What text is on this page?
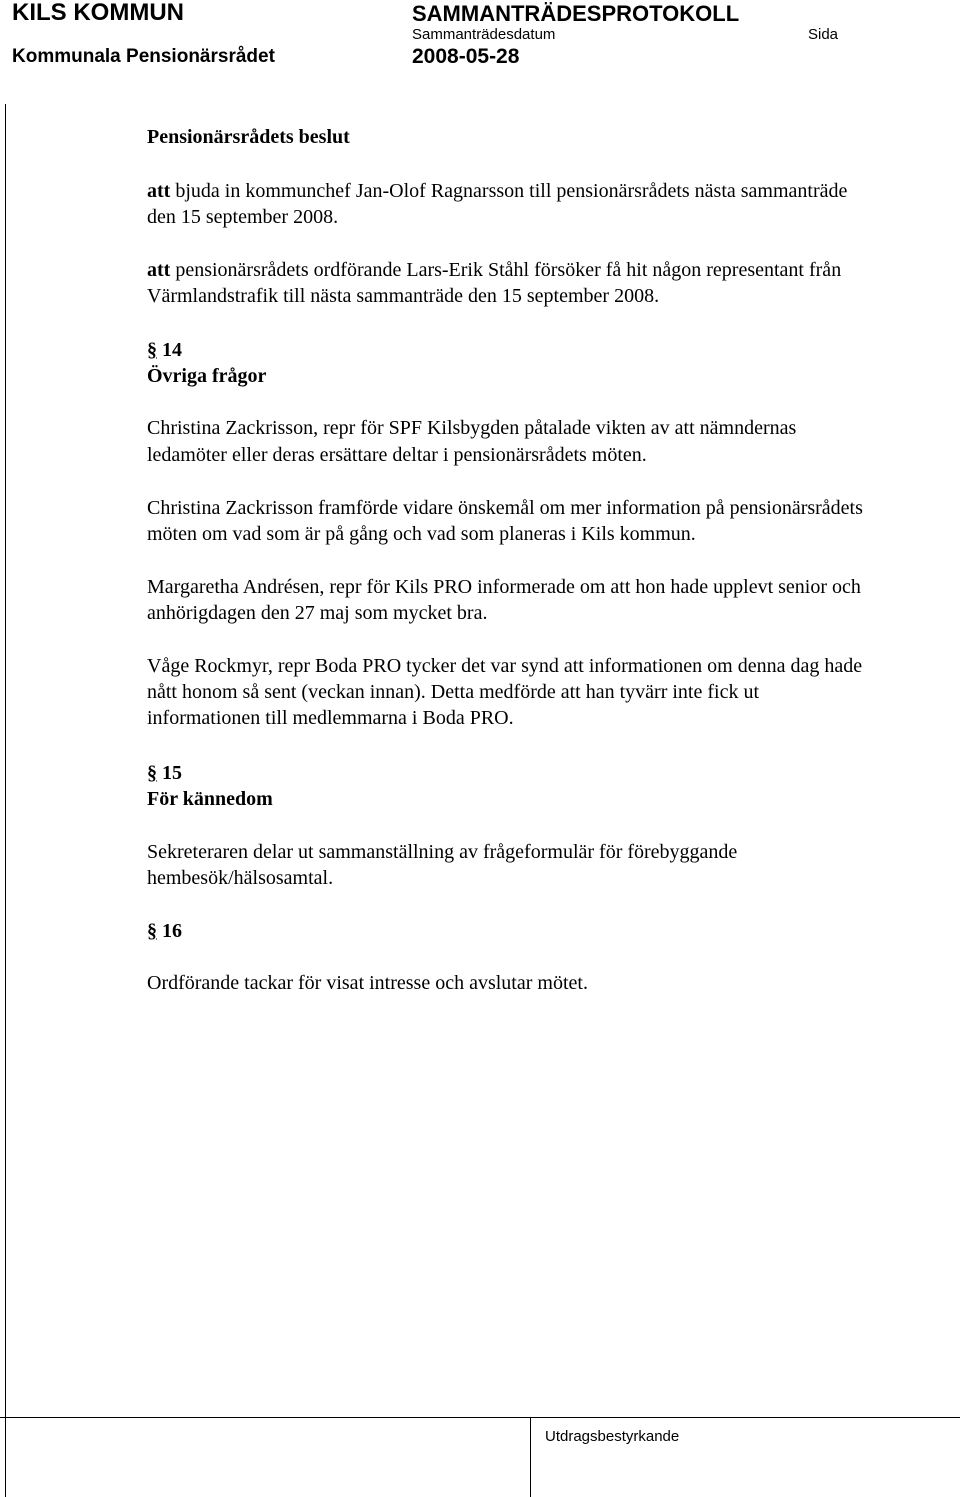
KILS KOMMUN
Kommunala Pensionärsrådet
SAMMANTRÄDESPROTOKOLL
Sammanträdesdatum	Sida
2008-05-28
Pensionärsrådets beslut
att bjuda in kommunchef Jan-Olof Ragnarsson till pensionärsrådets nästa sammanträde
den 15 september 2008.
att pensionärsrådets ordförande Lars-Erik Ståhl försöker få hit någon representant från
Värmlandstrafik till nästa sammanträde den 15 september 2008.
§ 14
Övriga frågor
Christina Zackrisson, repr för SPF Kilsbygden påtalade vikten av att nämndernas
ledamöter eller deras ersättare deltar i pensionärsrådets möten.
Christina Zackrisson framförde vidare önskemål om mer information på pensionärsrådets
möten om vad som är på gång och vad som planeras i Kils kommun.
Margaretha Andrésen, repr för Kils PRO informerade om att hon hade upplevt senior och
anhörigdagen den 27 maj som mycket bra.
Våge Rockmyr, repr Boda PRO tycker det var synd att informationen om denna dag hade
nått honom så sent (veckan innan). Detta medförde att han tyvärr inte fick ut
informationen till medlemmarna i Boda PRO.
§ 15
För kännedom
Sekreteraren delar ut sammanställning av frågeformulär för förebyggande
hembesök/hälsosamtal.
§ 16
Ordförande tackar för visat intresse och avslutar mötet.
Utdragsbestyrkande
